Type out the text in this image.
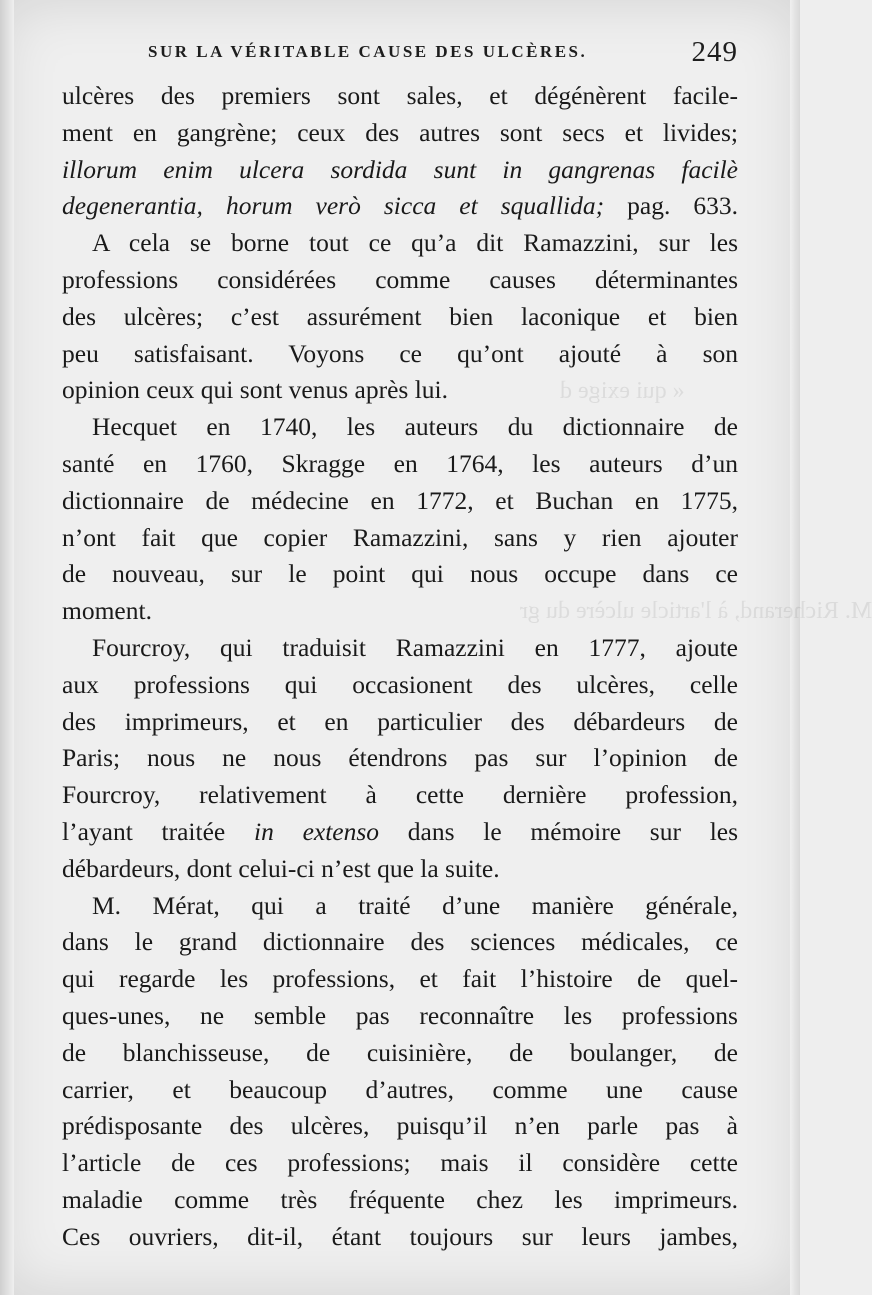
« qui exige d
M. Richerand, à l'article ulcère du gr
SUR LA VÉRITABLE CAUSE DES ULCÈRES.	249
ulcères des premiers sont sales, et dégénèrent facile-
ment en gangrène; ceux des autres sont secs et livides;
illorum enim ulcera sordida sunt in gangrenas facilè
degenerantia, horum verò sicca et squallida; pag. 633.
A cela se borne tout ce qu’a dit Ramazzini, sur les
professions considérées comme causes déterminantes
des ulcères; c’est assurément bien laconique et bien
peu satisfaisant. Voyons ce qu’ont ajouté à son
opinion ceux qui sont venus après lui.
Hecquet en 1740, les auteurs du dictionnaire de
santé en 1760, Skragge en 1764, les auteurs d’un
dictionnaire de médecine en 1772, et Buchan en 1775,
n’ont fait que copier Ramazzini, sans y rien ajouter
de nouveau, sur le point qui nous occupe dans ce
moment.
Fourcroy, qui traduisit Ramazzini en 1777, ajoute
aux professions qui occasionent des ulcères, celle
des imprimeurs, et en particulier des débardeurs de
Paris; nous ne nous étendrons pas sur l’opinion de
Fourcroy, relativement à cette dernière profession,
l’ayant traitée in extenso dans le mémoire sur les
débardeurs, dont celui-ci n’est que la suite.
M. Mérat, qui a traité d’une manière générale,
dans le grand dictionnaire des sciences médicales, ce
qui regarde les professions, et fait l’histoire de quel-
ques-unes, ne semble pas reconnaître les professions
de blanchisseuse, de cuisinière, de boulanger, de
carrier, et beaucoup d’autres, comme une cause
prédisposante des ulcères, puisqu’il n’en parle pas à
l’article de ces professions; mais il considère cette
maladie comme très fréquente chez les imprimeurs.
Ces ouvriers, dit-il, étant toujours sur leurs jambes,
